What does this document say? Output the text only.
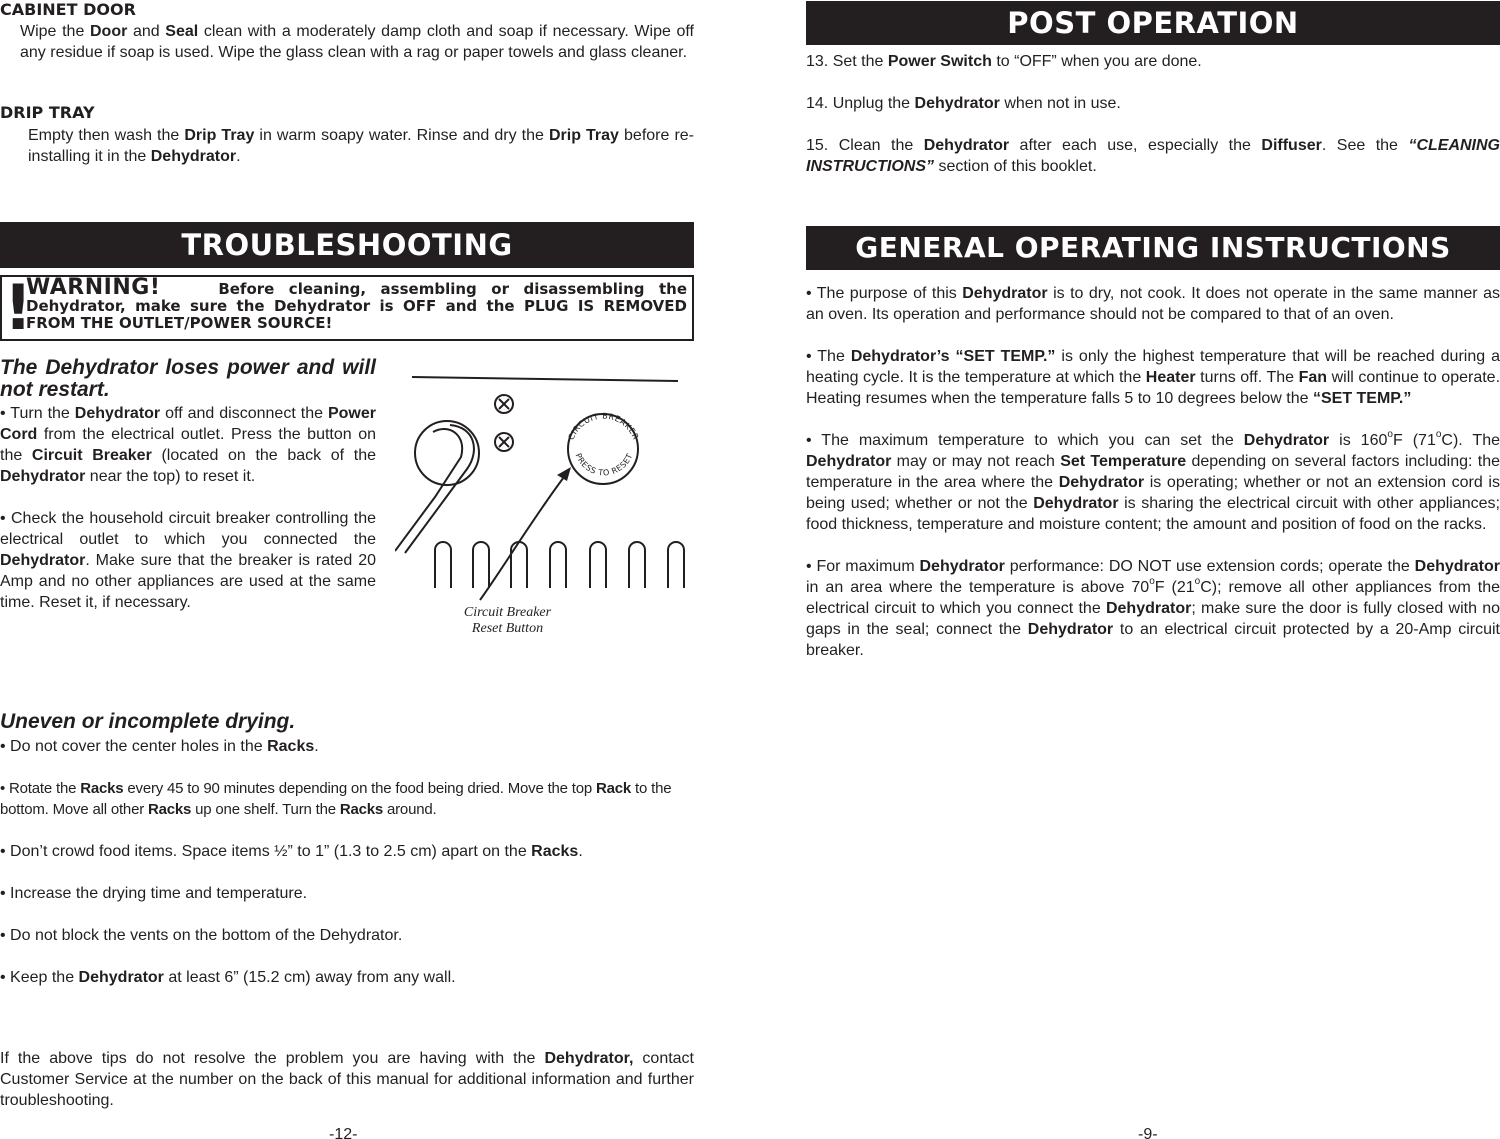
CABINET DOOR

Wipe the Door and Seal clean with a moderately damp cloth and soap if necessary. Wipe off any residue if soap is used. Wipe the glass clean with a rag or paper towels and glass cleaner.

DRIP TRAY

Empty then wash the Drip Tray in warm soapy water. Rinse and dry the Drip Tray before re-installing it in the Dehydrator.

TROUBLESHOOTING
!
WARNING!	Before cleaning, assembling or disassembling the Dehydrator, make sure the Dehydrator is OFF and the PLUG IS REMOVED FROM THE OUTLET/POWER SOURCE!
The Dehydrator loses power and will not restart.

• Turn the Dehydrator off and disconnect the Power Cord from the electrical outlet. Press the button on the Circuit Breaker (located on the back of the Dehydrator near the top) to reset it.

• Check the household circuit breaker controlling the electrical outlet to which you connected the Dehydrator. Make sure that the breaker is rated 20 Amp and no other appliances are used at the same time. Reset it, if necessary.

CIRCUIT BREAKER
PRESS TO RESET
Circuit Breaker
Reset Button
Uneven or incomplete drying.

• Do not cover the center holes in the Racks.

• Rotate the Racks every 45 to 90 minutes depending on the food being dried. Move the top Rack to the bottom. Move all other Racks up one shelf. Turn the Racks around.

• Don’t crowd food items. Space items ½” to 1” (1.3 to 2.5 cm) apart on the Racks.

• Increase the drying time and temperature.

• Do not block the vents on the bottom of the Dehydrator.

• Keep the Dehydrator at least 6” (15.2 cm) away from any wall.

If the above tips do not resolve the problem you are having with the Dehydrator, contact Customer Service at the number on the back of this manual for additional information and further troubleshooting.

-12-
POST OPERATION

13. Set the Power Switch to “OFF” when you are done.

14. Unplug the Dehydrator when not in use.

15. Clean the Dehydrator after each use, especially the Diffuser. See the “CLEANING INSTRUCTIONS” section of this booklet.

GENERAL OPERATING INSTRUCTIONS

• The purpose of this Dehydrator is to dry, not cook. It does not operate in the same manner as an oven. Its operation and performance should not be compared to that of an oven.

• The Dehydrator’s “SET TEMP.” is only the highest temperature that will be reached during a heating cycle. It is the temperature at which the Heater turns off. The Fan will continue to operate. Heating resumes when the temperature falls 5 to 10 degrees below the “SET TEMP.”

• The maximum temperature to which you can set the Dehydrator is 160$^o$F (71$^o$C). The Dehydrator may or may not reach Set Temperature depending on several factors including: the temperature in the area where the Dehydrator is operating; whether or not an extension cord is being used; whether or not the Dehydrator is sharing the electrical circuit with other appliances; food thickness, temperature and moisture content; the amount and position of food on the racks.

• For maximum Dehydrator performance: DO NOT use extension cords; operate the Dehydrator in an area where the temperature is above 70$^o$F (21$^o$C); remove all other appliances from the electrical circuit to which you connect the Dehydrator; make sure the door is fully closed with no gaps in the seal; connect the Dehydrator to an electrical circuit protected by a 20-Amp circuit breaker.

-9-
